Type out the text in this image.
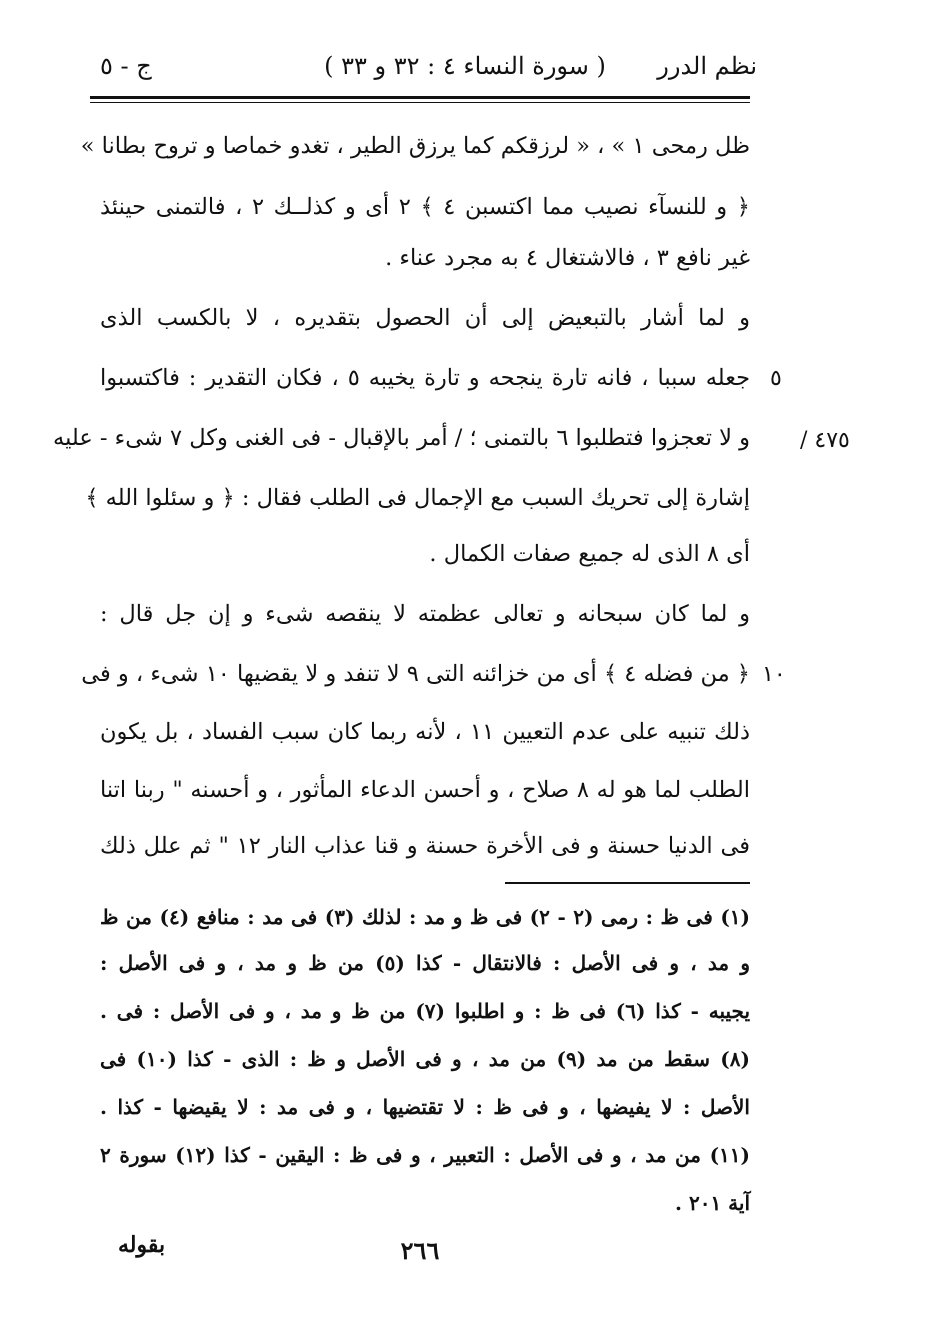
نظم الدرر
( سورة النساء ٤ : ٣٢ و ٣٣ )
ج - ٥
ظل رمحى ١ » ، « لرزقكم كما يرزق الطير ، تغدو خماصا و تروح بطانا »
﴿ و للنسآء نصيب مما اكتسبن ٤ ﴾ ٢ أى و كذلــك ٢ ، فالتمنى حينئذ
غير نافع ٣ ، فالاشتغال ٤ به مجرد عناء .
و لما أشار بالتبعيض إلى أن الحصول بتقديره ، لا بالكسب الذى
جعله سببا ، فانه تارة ينجحه و تارة يخيبه ٥ ، فكان التقدير : فاكتسبوا
و لا تعجزوا فتطلبوا ٦ بالتمنى ؛ / أمر بالإقبال - فى الغنى وكل ٧ شىء - عليه
إشارة إلى تحريك السبب مع الإجمال فى الطلب فقال : ﴿ و سئلوا الله ﴾
أى ٨ الذى له جميع صفات الكمال .
و لما كان سبحانه و تعالى عظمته لا ينقصه شىء و إن جل قال :
﴿ من فضله ٤ ﴾ أى من خزائنه التى ٩ لا تنفد و لا يقضيها ١٠ شىء ، و فى
ذلك تنبيه على عدم التعيين ١١ ، لأنه ربما كان سبب الفساد ، بل يكون
الطلب لما هو له ٨ صلاح ، و أحسن الدعاء المأثور ، و أحسنه " ربنا اتنا
فى الدنيا حسنة و فى الأخرة حسنة و قنا عذاب النار ١٢ " ثم علل ذلك
٥
٤٧٥ /
١٠
(١) فى ظ : رمى (٢ - ٢) فى ظ و مد : لذلك (٣) فى مد : منافع (٤) من ظ
و مد ، و فى الأصل : فالانتقال - كذا (٥) من ظ و مد ، و فى الأصل :
يجيبه - كذا (٦) فى ظ : و اطلبوا (٧) من ظ و مد ، و فى الأصل : فى .
(٨) سقط من مد (٩) من مد ، و فى الأصل و ظ : الذى - كذا (١٠) فى
الأصل : لا يفيضها ، و فى ظ : لا تقتضيها ، و فى مد : لا يقيضها - كذا .
(١١) من مد ، و فى الأصل : التعبير ، و فى ظ : اليقين - كذا (١٢) سورة ٢
آية ٢٠١ .
٢٦٦
بقوله
